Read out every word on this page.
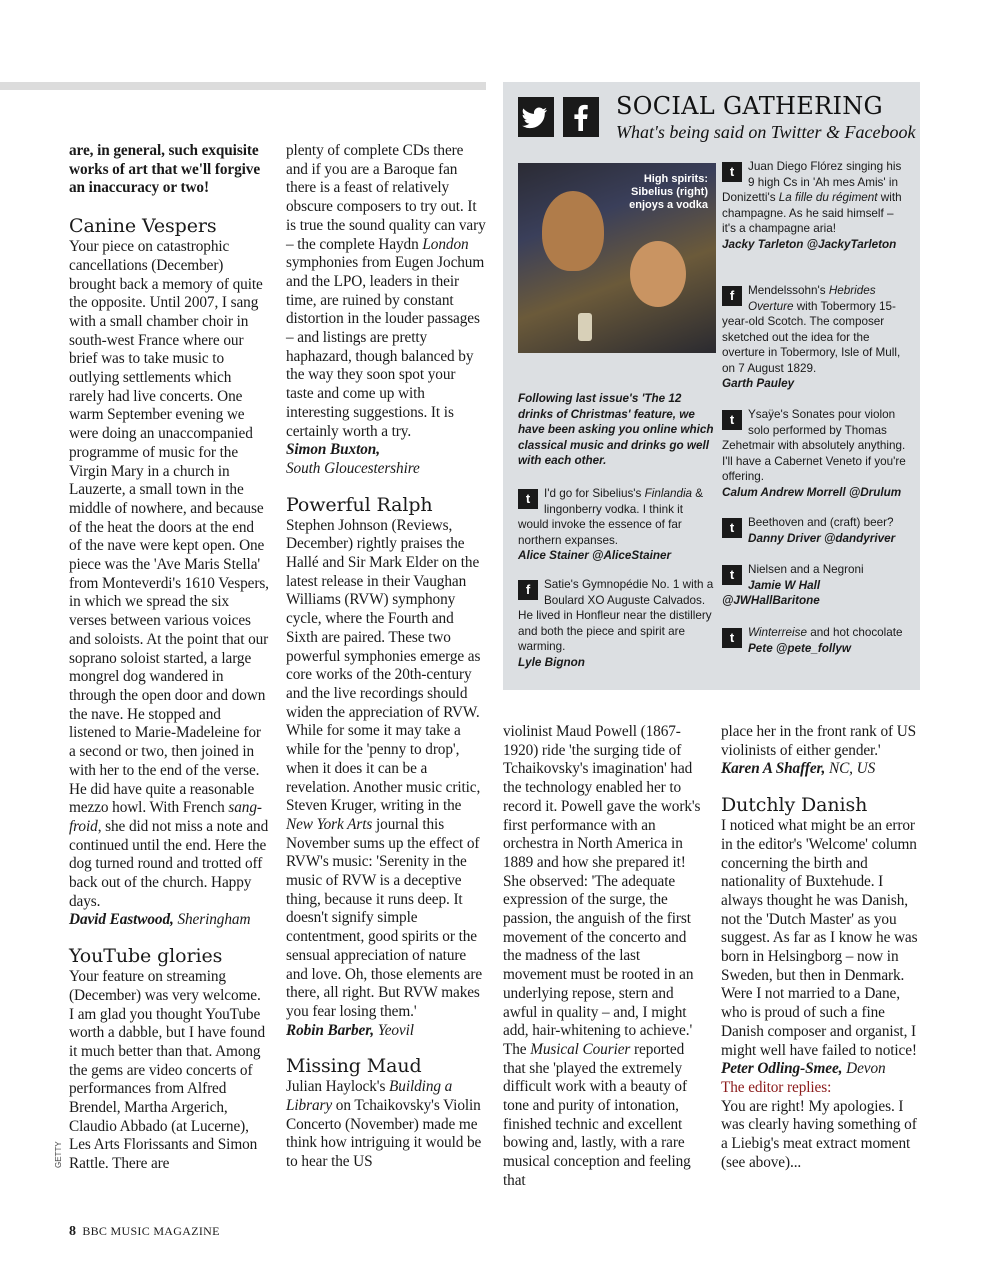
are, in general, such exquisite works of art that we'll forgive an inaccuracy or two!

Canine Vespers

Your piece on catastrophic cancellations (December) brought back a memory of quite the opposite. Until 2007, I sang with a small chamber choir in south-west France where our brief was to take music to outlying settlements which rarely had live concerts. One warm September evening we were doing an unaccompanied programme of music for the Virgin Mary in a church in Lauzerte, a small town in the middle of nowhere, and because of the heat the doors at the end of the nave were kept open. One piece was the 'Ave Maris Stella' from Monteverdi's 1610 Vespers, in which we spread the six verses between various voices and soloists. At the point that our soprano soloist started, a large mongrel dog wandered in through the open door and down the nave. He stopped and listened to Marie-Madeleine for a second or two, then joined in with her to the end of the verse. He did have quite a reasonable mezzo howl. With French sang-froid, she did not miss a note and continued until the end. Here the dog turned round and trotted off back out of the church. Happy days.

David Eastwood, Sheringham

YouTube glories

Your feature on streaming (December) was very welcome. I am glad you thought YouTube worth a dabble, but I have found it much better than that. Among the gems are video concerts of performances from Alfred Brendel, Martha Argerich, Claudio Abbado (at Lucerne), Les Arts Florissants and Simon Rattle. There are

plenty of complete CDs there and if you are a Baroque fan there is a feast of relatively obscure composers to try out. It is true the sound quality can vary – the complete Haydn London symphonies from Eugen Jochum and the LPO, leaders in their time, are ruined by constant distortion in the louder passages – and listings are pretty haphazard, though balanced by the way they soon spot your taste and come up with interesting suggestions. It is certainly worth a try.

Simon Buxton,
South Gloucestershire

Powerful Ralph

Stephen Johnson (Reviews, December) rightly praises the Hallé and Sir Mark Elder on the latest release in their Vaughan Williams (RVW) symphony cycle, where the Fourth and Sixth are paired. These two powerful symphonies emerge as core works of the 20th-century and the live recordings should widen the appreciation of RVW. While for some it may take a while for the 'penny to drop', when it does it can be a revelation. Another music critic, Steven Kruger, writing in the New York Arts journal this November sums up the effect of RVW's music: 'Serenity in the music of RVW is a deceptive thing, because it runs deep. It doesn't signify simple contentment, good spirits or the sensual appreciation of nature and love. Oh, those elements are there, all right. But RVW makes you fear losing them.'

Robin Barber, Yeovil

Missing Maud

Julian Haylock's Building a Library on Tchaikovsky's Violin Concerto (November) made me think how intriguing it would be to hear the US

SOCIAL GATHERING
What's being said on Twitter & Facebook
High spirits: Sibelius (right) enjoys a vodka
Following last issue's 'The 12 drinks of Christmas' feature, we have been asking you online which classical music and drinks go well with each other.
t	I'd go for Sibelius's Finlandia & lingonberry vodka. I think it would invoke the essence of far northern expanses.
Alice Stainer @AliceStainer
f	Satie's Gymnopédie No. 1 with a Boulard XO Auguste Calvados. He lived in Honfleur near the distillery and both the piece and spirit are warming.
Lyle Bignon
t	Juan Diego Flórez singing his 9 high Cs in 'Ah mes Amis' in Donizetti's La fille du régiment with champagne. As he said himself – it's a champagne aria!
Jacky Tarleton @JackyTarleton
f	Mendelssohn's Hebrides Overture with Tobermory 15-year-old Scotch. The composer sketched out the idea for the overture in Tobermory, Isle of Mull, on 7 August 1829.
Garth Pauley
t	Ysaÿe's Sonates pour violon solo performed by Thomas Zehetmair with absolutely anything. I'll have a Cabernet Veneto if you're offering.
Calum Andrew Morrell @Drulum
t	Beethoven and (craft) beer?
Danny Driver @dandyriver
t	Nielsen and a Negroni
Jamie W Hall @JWHallBaritone
t	Winterreise and hot chocolate
Pete @pete_follyw

violinist Maud Powell (1867-1920) ride 'the surging tide of Tchaikovsky's imagination' had the technology enabled her to record it. Powell gave the work's first performance with an orchestra in North America in 1889 and how she prepared it! She observed: 'The adequate expression of the surge, the passion, the anguish of the first movement of the concerto and the madness of the last movement must be rooted in an underlying repose, stern and awful in quality – and, I might add, hair-whitening to achieve.' The Musical Courier reported that she 'played the extremely difficult work with a beauty of tone and purity of intonation, finished technic and excellent bowing and, lastly, with a rare musical conception and feeling that

place her in the front rank of US violinists of either gender.'

Karen A Shaffer, NC, US

Dutchly Danish

I noticed what might be an error in the editor's 'Welcome' column concerning the birth and nationality of Buxtehude. I always thought he was Danish, not the 'Dutch Master' as you suggest. As far as I know he was born in Helsingborg – now in Sweden, but then in Denmark. Were I not married to a Dane, who is proud of such a fine Danish composer and organist, I might well have failed to notice!

Peter Odling-Smee, Devon

The editor replies:

You are right! My apologies. I was clearly having something of a Liebig's meat extract moment (see above)...

GETTY
8 BBC MUSIC MAGAZINE
